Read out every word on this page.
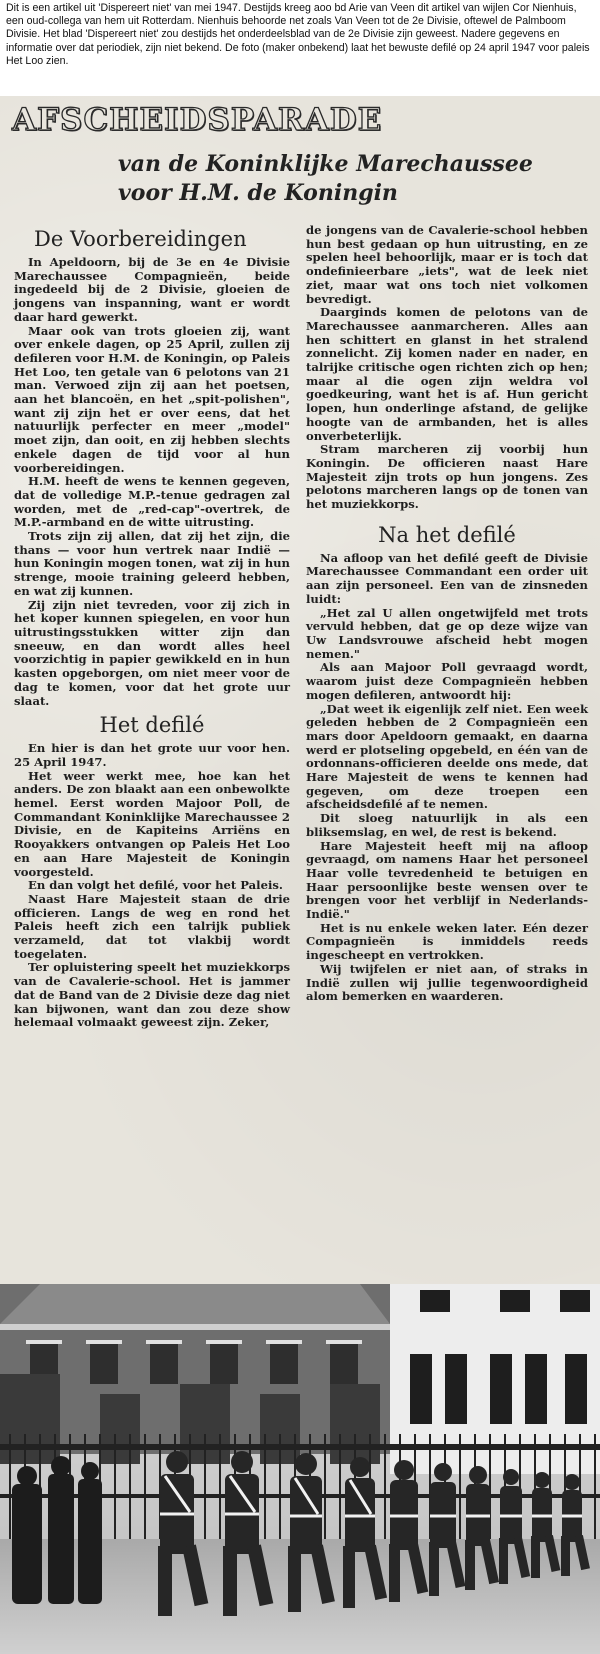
Dit is een artikel uit 'Dispereert niet' van mei 1947. Destijds kreeg aoo bd Arie van Veen dit artikel van wijlen Cor Nienhuis, een oud-collega van hem uit Rotterdam. Nienhuis behoorde net zoals Van Veen tot de 2e Divisie, oftewel de Palmboom Divisie. Het blad 'Dispereert niet' zou destijds het onderdeelsblad van de 2e Divisie zijn geweest. Nadere gegevens en informatie over dat periodiek, zijn niet bekend. De foto (maker onbekend) laat het bewuste defilé op 24 april 1947 voor paleis Het Loo zien.
AFSCHEIDSPARADE
van de Koninklijke Marechaussee
voor H.M. de Koningin
De Voorbereidingen

In Apeldoorn, bij de 3e en 4e Divisie Marechaussee Compagnieën, beide ingedeeld bij de 2 Divisie, gloeien de jongens van inspanning, want er wordt daar hard gewerkt.

Maar ook van trots gloeien zij, want over enkele dagen, op 25 April, zullen zij defileren voor H.M. de Koningin, op Paleis Het Loo, ten getale van 6 pelotons van 21 man. Verwoed zijn zij aan het poetsen, aan het blancoën, en het „spit-polishen", want zij zijn het er over eens, dat het natuurlijk perfecter en meer „model" moet zijn, dan ooit, en zij hebben slechts enkele dagen de tijd voor al hun voorbereidingen.

H.M. heeft de wens te kennen gegeven, dat de volledige M.P.-tenue gedragen zal worden, met de „red-cap"-overtrek, de M.P.-armband en de witte uitrusting.

Trots zijn zij allen, dat zij het zijn, die thans — voor hun vertrek naar Indië — hun Koningin mogen tonen, wat zij in hun strenge, mooie training geleerd hebben, en wat zij kunnen.

Zij zijn niet tevreden, voor zij zich in het koper kunnen spiegelen, en voor hun uitrustingsstukken witter zijn dan sneeuw, en dan wordt alles heel voorzichtig in papier gewikkeld en in hun kasten opgeborgen, om niet meer voor de dag te komen, voor dat het grote uur slaat.

Het defilé

En hier is dan het grote uur voor hen. 25 April 1947.

Het weer werkt mee, hoe kan het anders. De zon blaakt aan een onbewolkte hemel. Eerst worden Majoor Poll, de Commandant Koninklijke Marechaussee 2 Divisie, en de Kapiteins Arriëns en Rooyakkers ontvangen op Paleis Het Loo en aan Hare Majesteit de Koningin voorgesteld.

En dan volgt het defilé, voor het Paleis.

Naast Hare Majesteit staan de drie officieren. Langs de weg en rond het Paleis heeft zich een talrijk publiek verzameld, dat tot vlakbij wordt toegelaten.

Ter opluistering speelt het muziekkorps van de Cavalerie-school. Het is jammer dat de Band van de 2 Divisie deze dag niet kan bijwonen, want dan zou deze show helemaal volmaakt geweest zijn. Zeker,

de jongens van de Cavalerie-school hebben hun best gedaan op hun uitrusting, en ze spelen heel behoorlijk, maar er is toch dat ondefinieerbare „iets", wat de leek niet ziet, maar wat ons toch niet volkomen bevredigt.

Daarginds komen de pelotons van de Marechaussee aanmarcheren. Alles aan hen schittert en glanst in het stralend zonnelicht. Zij komen nader en nader, en talrijke critische ogen richten zich op hen; maar al die ogen zijn weldra vol goedkeuring, want het is af. Hun gericht lopen, hun onderlinge afstand, de gelijke hoogte van de armbanden, het is alles onverbeterlijk.

Stram marcheren zij voorbij hun Koningin. De officieren naast Hare Majesteit zijn trots op hun jongens. Zes pelotons marcheren langs op de tonen van het muziekkorps.

Na het defilé

Na afloop van het defilé geeft de Divisie Marechaussee Commandant een order uit aan zijn personeel. Een van de zinsneden luidt:

„Het zal U allen ongetwijfeld met trots vervuld hebben, dat ge op deze wijze van Uw Landsvrouwe afscheid hebt mogen nemen."

Als aan Majoor Poll gevraagd wordt, waarom juist deze Compagnieën hebben mogen defileren, antwoordt hij:

„Dat weet ik eigenlijk zelf niet. Een week geleden hebben de 2 Compagnieën een mars door Apeldoorn gemaakt, en daarna werd er plotseling opgebeld, en één van de ordonnans-officieren deelde ons mede, dat Hare Majesteit de wens te kennen had gegeven, om deze troepen een afscheidsdefilé af te nemen.

Dit sloeg natuurlijk in als een bliksemslag, en wel, de rest is bekend.

Hare Majesteit heeft mij na afloop gevraagd, om namens Haar het personeel Haar volle tevredenheid te betuigen en Haar persoonlijke beste wensen over te brengen voor het verblijf in Nederlands-Indië."

Het is nu enkele weken later. Eén dezer Compagnieën is inmiddels reeds ingescheept en vertrokken.

Wij twijfelen er niet aan, of straks in Indië zullen wij jullie tegenwoordigheid alom bemerken en waarderen.
